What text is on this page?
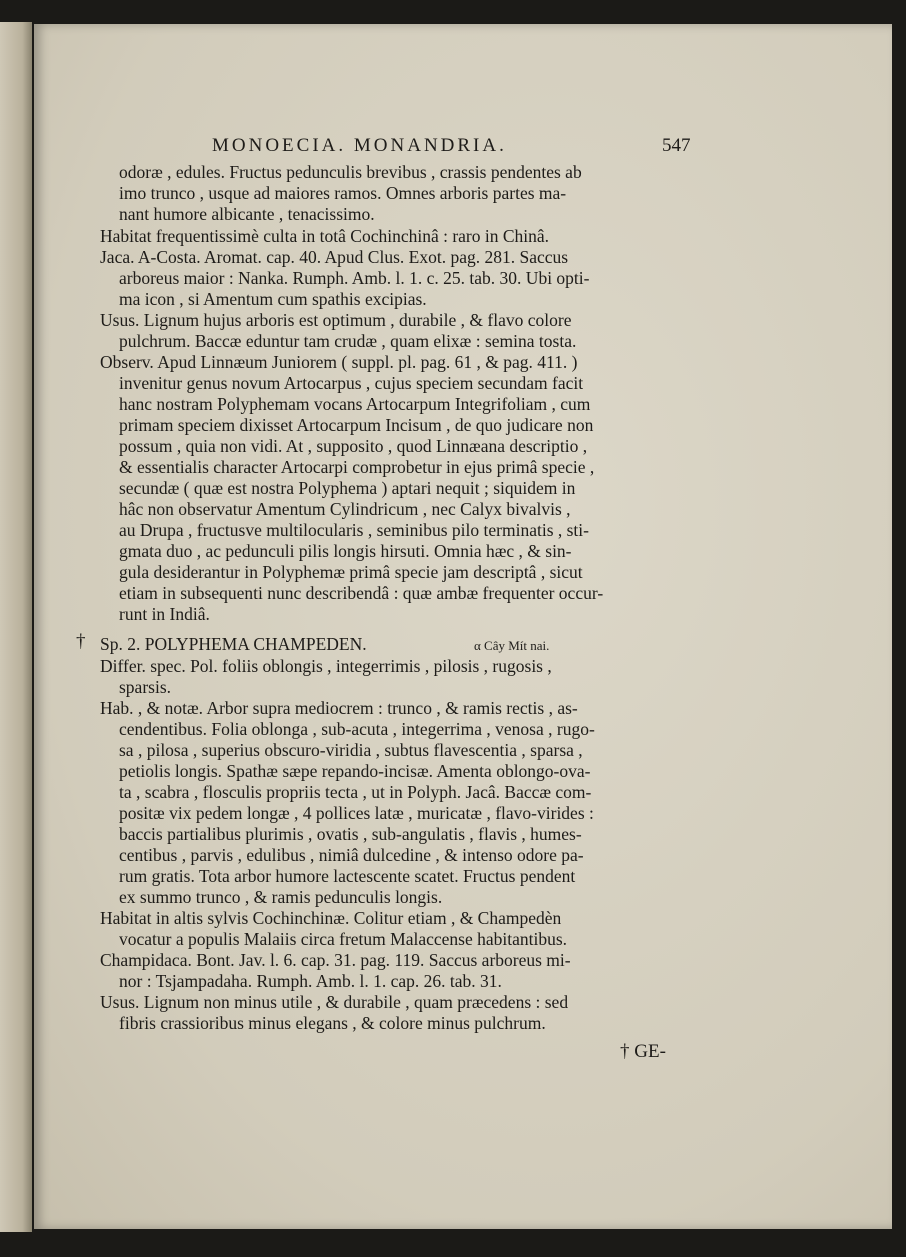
MONOECIA. MONANDRIA.	547
odoræ , edules. Fructus pedunculis brevibus , crassis pendentes ab
imo trunco , usque ad maiores ramos. Omnes arboris partes ma-
nant humore albicante , tenacissimo.
Habitat frequentissimè culta in totâ Cochinchinâ : raro in Chinâ.
Jaca. A-Costa. Aromat. cap. 40. Apud Clus. Exot. pag. 281. Saccus
arboreus maior : Nanka. Rumph. Amb. l. 1. c. 25. tab. 30. Ubi opti-
ma icon , si Amentum cum spathis excipias.
Usus. Lignum hujus arboris est optimum , durabile , & flavo colore
pulchrum. Baccæ eduntur tam crudæ , quam elixæ : semina tosta.
Observ. Apud Linnæum Juniorem ( suppl. pl. pag. 61 , & pag. 411. )
invenitur genus novum Artocarpus , cujus speciem secundam facit
hanc nostram Polyphemam vocans Artocarpum Integrifoliam , cum
primam speciem dixisset Artocarpum Incisum , de quo judicare non
possum , quia non vidi. At , supposito , quod Linnæana descriptio ,
& essentialis character Artocarpi comprobetur in ejus primâ specie ,
secundæ ( quæ est nostra Polyphema ) aptari nequit ; siquidem in
hâc non observatur Amentum Cylindricum , nec Calyx bivalvis ,
au Drupa , fructusve multilocularis , seminibus pilo terminatis , sti-
gmata duo , ac pedunculi pilis longis hirsuti. Omnia hæc , & sin-
gula desiderantur in Polyphemæ primâ specie jam descriptâ , sicut
etiam in subsequenti nunc describendâ : quæ ambæ frequenter occur-
runt in Indiâ.
† Sp. 2. POLYPHEMA CHAMPEDEN.	α Cây Mít nai.
Differ. spec. Pol. foliis oblongis , integerrimis , pilosis , rugosis ,
sparsis.
Hab. , & notæ. Arbor supra mediocrem : trunco , & ramis rectis , as-
cendentibus. Folia oblonga , sub-acuta , integerrima , venosa , rugo-
sa , pilosa , superius obscuro-viridia , subtus flavescentia , sparsa ,
petiolis longis. Spathæ sæpe repando-incisæ. Amenta oblongo-ova-
ta , scabra , flosculis propriis tecta , ut in Polyph. Jacâ. Baccæ com-
positæ vix pedem longæ , 4 pollices latæ , muricatæ , flavo-virides :
baccis partialibus plurimis , ovatis , sub-angulatis , flavis , humes-
centibus , parvis , edulibus , nimiâ dulcedine , & intenso odore pa-
rum gratis. Tota arbor humore lactescente scatet. Fructus pendent
ex summo trunco , & ramis pedunculis longis.
Habitat in altis sylvis Cochinchinæ. Colitur etiam , & Champedèn
vocatur a populis Malaiis circa fretum Malaccense habitantibus.
Champidaca. Bont. Jav. l. 6. cap. 31. pag. 119. Saccus arboreus mi-
nor : Tsjampadaha. Rumph. Amb. l. 1. cap. 26. tab. 31.
Usus. Lignum non minus utile , & durabile , quam præcedens : sed
fibris crassioribus minus elegans , & colore minus pulchrum.
† GE-
